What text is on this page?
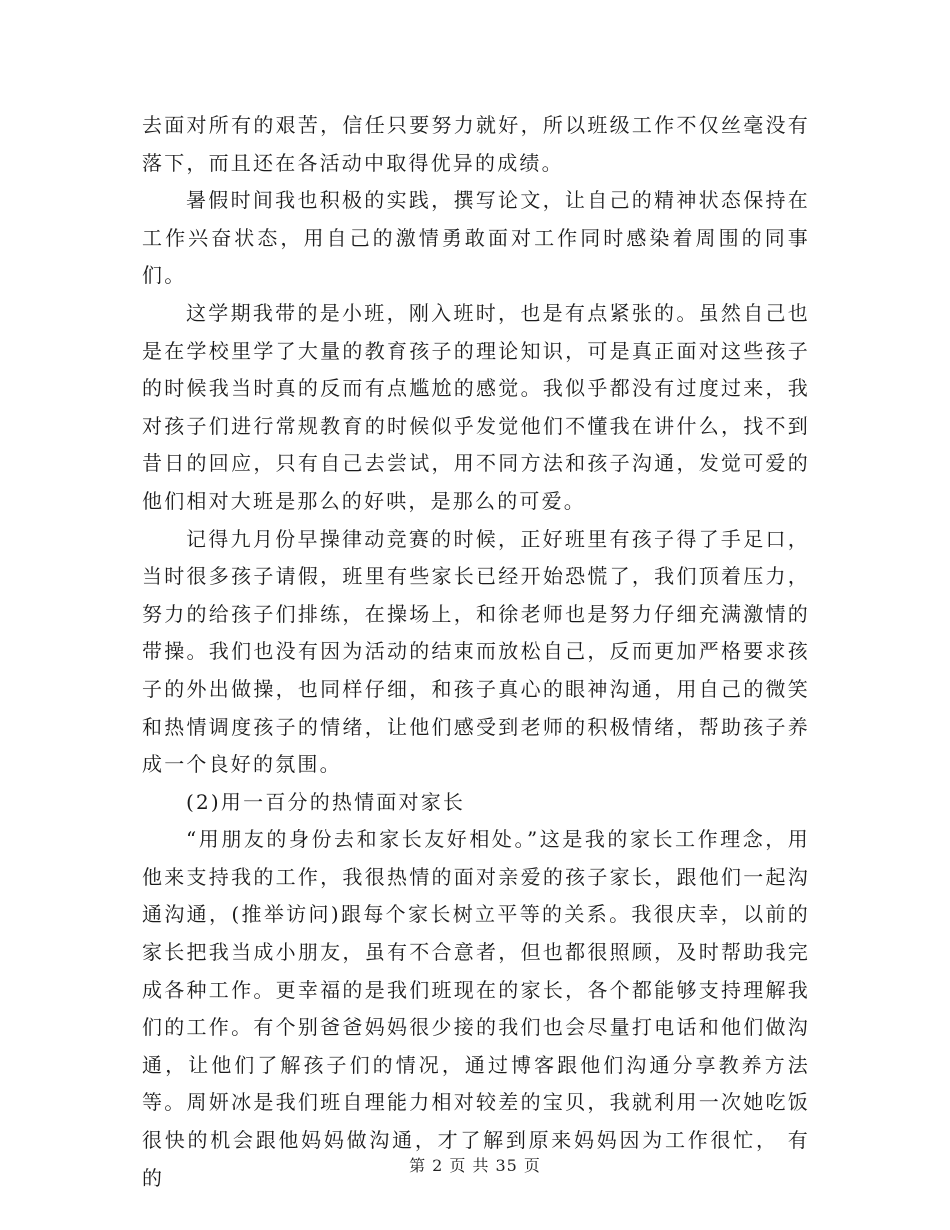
去面对所有的艰苦，信任只要努力就好，所以班级工作不仅丝毫没有落下，而且还在各活动中取得优异的成绩。

暑假时间我也积极的实践，撰写论文，让自己的精神状态保持在工作兴奋状态，用自己的激情勇敢面对工作同时感染着周围的同事们。

这学期我带的是小班，刚入班时，也是有点紧张的。虽然自己也是在学校里学了大量的教育孩子的理论知识，可是真正面对这些孩子的时候我当时真的反而有点尴尬的感觉。我似乎都没有过度过来，我对孩子们进行常规教育的时候似乎发觉他们不懂我在讲什么，找不到昔日的回应，只有自己去尝试，用不同方法和孩子沟通，发觉可爱的他们相对大班是那么的好哄，是那么的可爱。

记得九月份早操律动竞赛的时候，正好班里有孩子得了手足口，当时很多孩子请假，班里有些家长已经开始恐慌了，我们顶着压力，努力的给孩子们排练，在操场上，和徐老师也是努力仔细充满激情的带操。我们也没有因为活动的结束而放松自己，反而更加严格要求孩子的外出做操，也同样仔细，和孩子真心的眼神沟通，用自己的微笑和热情调度孩子的情绪，让他们感受到老师的积极情绪，帮助孩子养成一个良好的氛围。

(2)用一百分的热情面对家长

“用朋友的身份去和家长友好相处。”这是我的家长工作理念，用他来支持我的工作，我很热情的面对亲爱的孩子家长，跟他们一起沟通沟通，(推举访问)跟每个家长树立平等的关系。我很庆幸，以前的家长把我当成小朋友，虽有不合意者，但也都很照顾，及时帮助我完成各种工作。更幸福的是我们班现在的家长，各个都能够支持理解我们的工作。有个别爸爸妈妈很少接的我们也会尽量打电话和他们做沟通，让他们了解孩子们的情况，通过博客跟他们沟通分享教养方法等。周妍冰是我们班自理能力相对较差的宝贝，我就利用一次她吃饭很快的机会跟他妈妈做沟通，才了解到原来妈妈因为工作很忙， 有的

第 2 页 共 35 页
